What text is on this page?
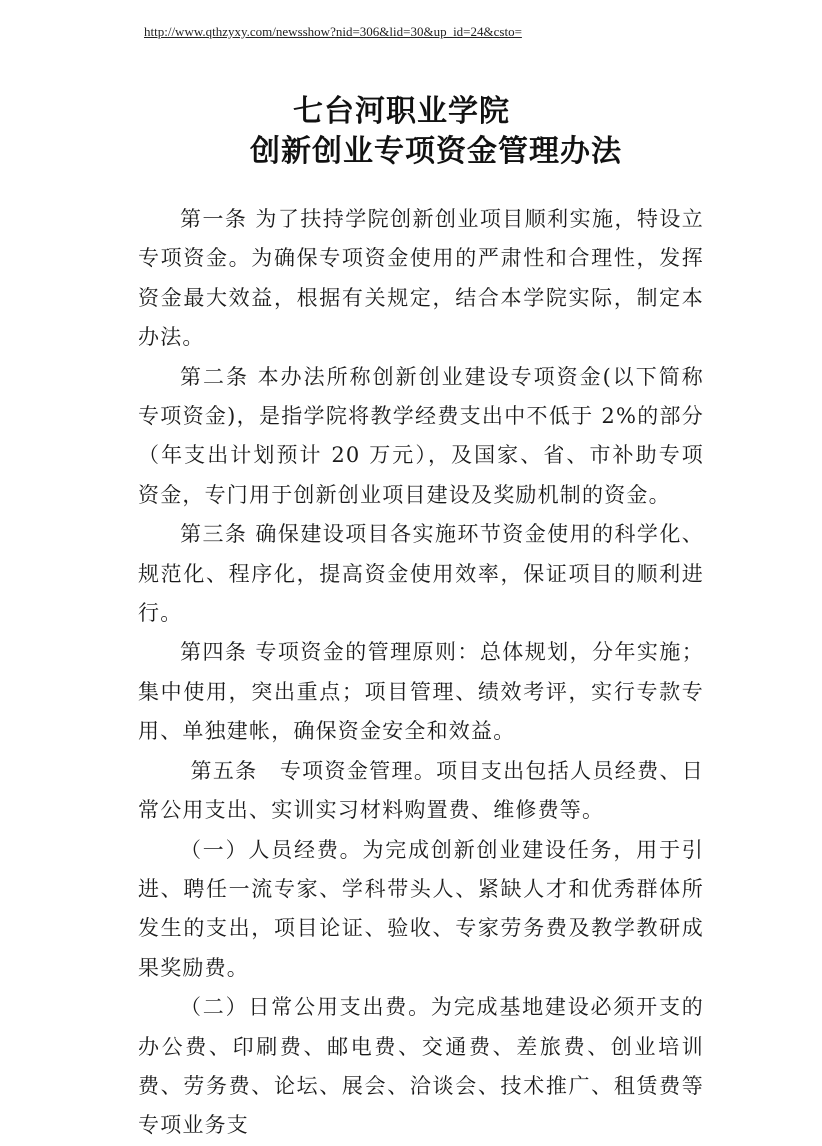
http://www.qthzyxy.com/newsshow?nid=306&lid=30&up_id=24&csto=
七台河职业学院
创新创业专项资金管理办法

第一条 为了扶持学院创新创业项目顺利实施，特设立专项资金。为确保专项资金使用的严肃性和合理性，发挥资金最大效益，根据有关规定，结合本学院实际，制定本办法。

第二条 本办法所称创新创业建设专项资金(以下简称专项资金)，是指学院将教学经费支出中不低于 2%的部分（年支出计划预计 20 万元），及国家、省、市补助专项资金，专门用于创新创业项目建设及奖励机制的资金。

第三条 确保建设项目各实施环节资金使用的科学化、规范化、程序化，提高资金使用效率，保证项目的顺利进行。

第四条 专项资金的管理原则：总体规划，分年实施；集中使用，突出重点；项目管理、绩效考评，实行专款专用、单独建帐，确保资金安全和效益。

第五条　专项资金管理。项目支出包括人员经费、日常公用支出、实训实习材料购置费、维修费等。

（一）人员经费。为完成创新创业建设任务，用于引进、聘任一流专家、学科带头人、紧缺人才和优秀群体所发生的支出，项目论证、验收、专家劳务费及教学教研成果奖励费。

（二）日常公用支出费。为完成基地建设必须开支的办公费、印刷费、邮电费、交通费、差旅费、创业培训费、劳务费、论坛、展会、洽谈会、技术推广、租赁费等专项业务支
